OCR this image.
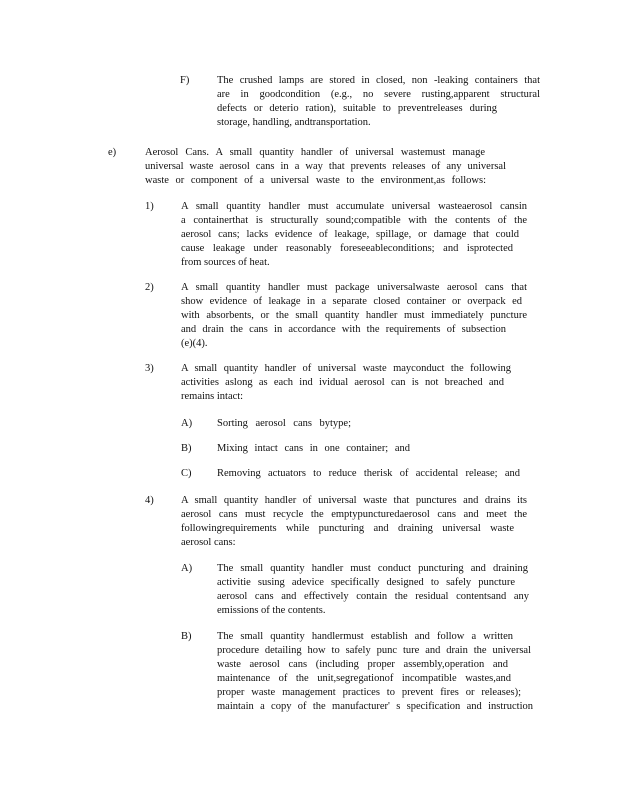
F)	The crushed lamps are stored in closed, non -leaking containers that
are in goodcondition (e.g., no severe rusting,apparent structural
defects or deterio ration), suitable to preventreleases during
storage, handling, andtransportation.
e)	Aerosol Cans. A small quantity handler of universal wastemust manage
universal waste aerosol cans in a way that prevents releases of any universal
waste or component of a universal waste to the environment,as follows:
1)	A small quantity handler must accumulate universal wasteaerosol cansin
a containerthat is structurally sound;compatible with the contents of the
aerosol cans; lacks evidence of leakage, spillage, or damage that could
cause leakage under reasonably foreseeableconditions; and isprotected
from sources of heat.
2)	A small quantity handler must package universalwaste aerosol cans that
show evidence of leakage in a separate closed container or overpack ed
with absorbents, or the small quantity handler must immediately puncture
and drain the cans in accordance with the requirements of subsection
(e)(4).
3)	A small quantity handler of universal waste mayconduct the following
activities aslong as each ind ividual aerosol can is not breached and
remains intact:
A) Sorting aerosol cans bytype;
B) Mixing intact cans in one container; and
C) Removing actuators to reduce therisk of accidental release; and
4)	A small quantity handler of universal waste that punctures and drains its
aerosol cans must recycle the emptypuncturedaerosol cans and meet the
followingrequirements while puncturing and draining universal waste
aerosol cans:
A) The small quantity handler must conduct puncturing and draining
activitie susing adevice specifically designed to safely puncture
aerosol cans and effectively contain the residual contentsand any
emissions of the contents.
B) The small quantity handlermust establish and follow a written
procedure detailing how to safely punc ture and drain the universal
waste aerosol cans (including proper assembly,operation and
maintenance of the unit,segregationof incompatible wastes,and
proper waste management practices to prevent fires or releases);
maintain a copy of the manufacturer' s specification and instruction
